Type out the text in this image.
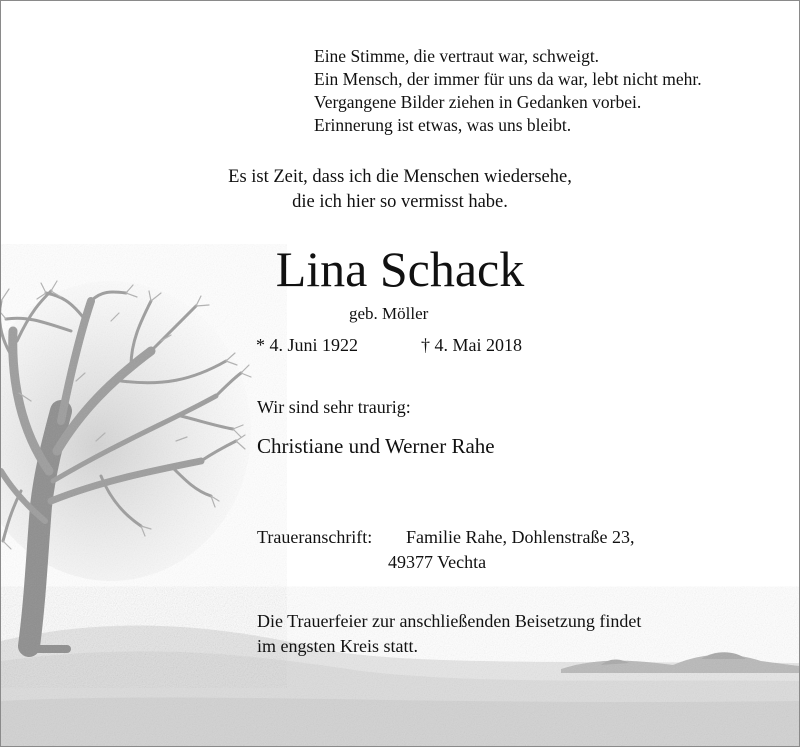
Eine Stimme, die vertraut war, schweigt.
Ein Mensch, der immer für uns da war, lebt nicht mehr.
Vergangene Bilder ziehen in Gedanken vorbei.
Erinnerung ist etwas, was uns bleibt.
Es ist Zeit, dass ich die Menschen wiedersehe,
die ich hier so vermisst habe.
Lina Schack
geb. Möller
* 4. Juni 1922	† 4. Mai 2018
Wir sind sehr traurig:
Christiane und Werner Rahe
Traueranschrift: Familie Rahe, Dohlenstraße 23,
49377 Vechta
Die Trauerfeier zur anschließenden Beisetzung findet
im engsten Kreis statt.
